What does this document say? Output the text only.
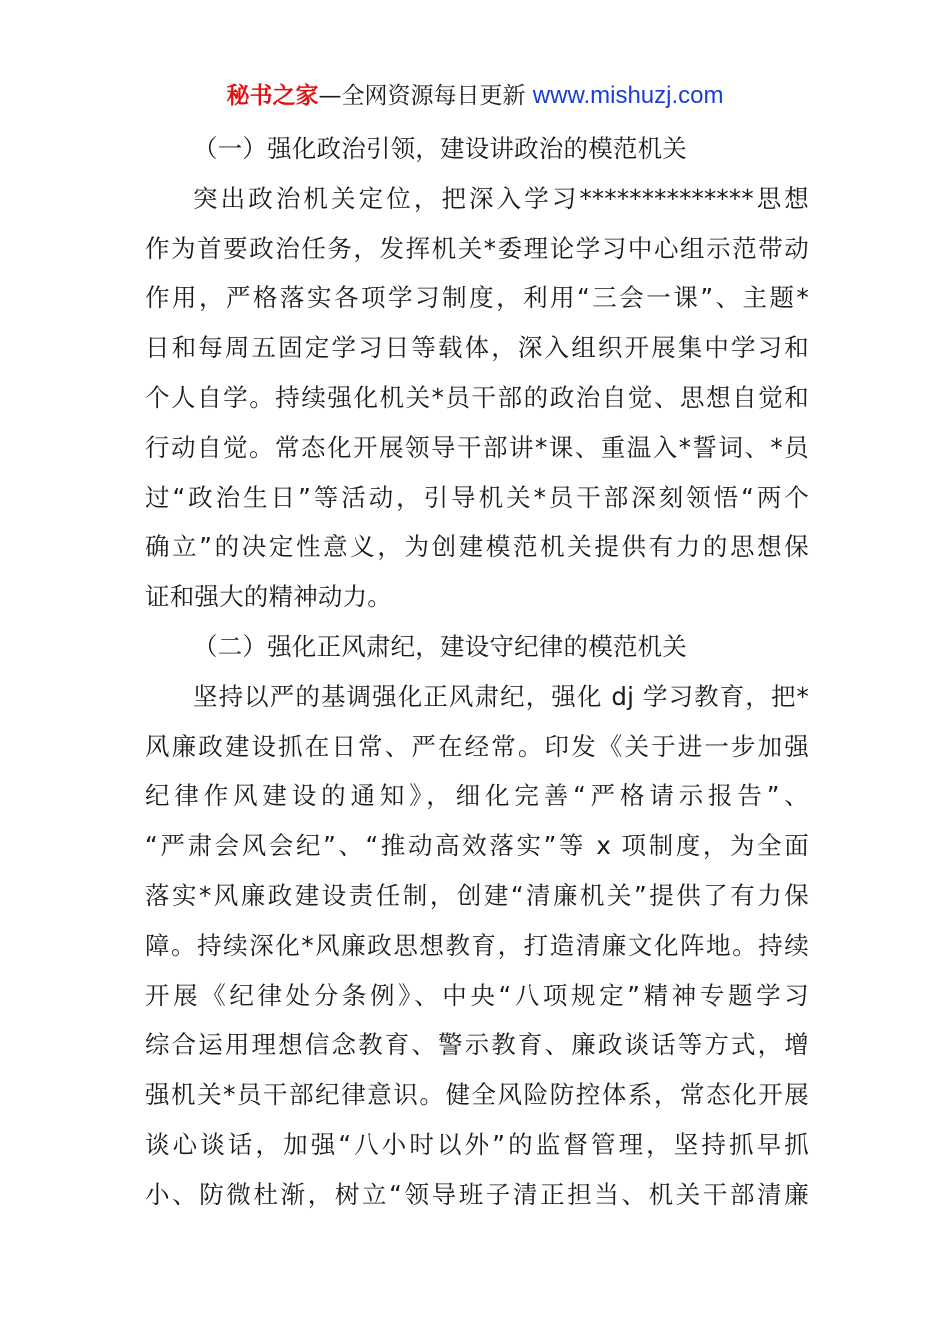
秘书之家—全网资源每日更新 www.mishuzj.com
（一）强化政治引领，建设讲政治的模范机关
突出政治机关定位，把深入学习**************思想
作为首要政治任务，发挥机关*委理论学习中心组示范带动
作用，严格落实各项学习制度，利用“三会一课”、主题*
日和每周五固定学习日等载体，深入组织开展集中学习和
个人自学。持续强化机关*员干部的政治自觉、思想自觉和
行动自觉。常态化开展领导干部讲*课、重温入*誓词、*员
过“政治生日”等活动，引导机关*员干部深刻领悟“两个
确立”的决定性意义，为创建模范机关提供有力的思想保
证和强大的精神动力。
（二）强化正风肃纪，建设守纪律的模范机关
坚持以严的基调强化正风肃纪，强化 dj 学习教育，把*
风廉政建设抓在日常、严在经常。印发《关于进一步加强
纪律作风建设的通知》，细化完善“严格请示报告”、
“严肃会风会纪”、“推动高效落实”等 x 项制度，为全面
落实*风廉政建设责任制，创建“清廉机关”提供了有力保
障。持续深化*风廉政思想教育，打造清廉文化阵地。持续
开展《纪律处分条例》、中央“八项规定”精神专题学习
综合运用理想信念教育、警示教育、廉政谈话等方式，增
强机关*员干部纪律意识。健全风险防控体系，常态化开展
谈心谈话，加强“八小时以外”的监督管理，坚持抓早抓
小、防微杜渐，树立“领导班子清正担当、机关干部清廉
